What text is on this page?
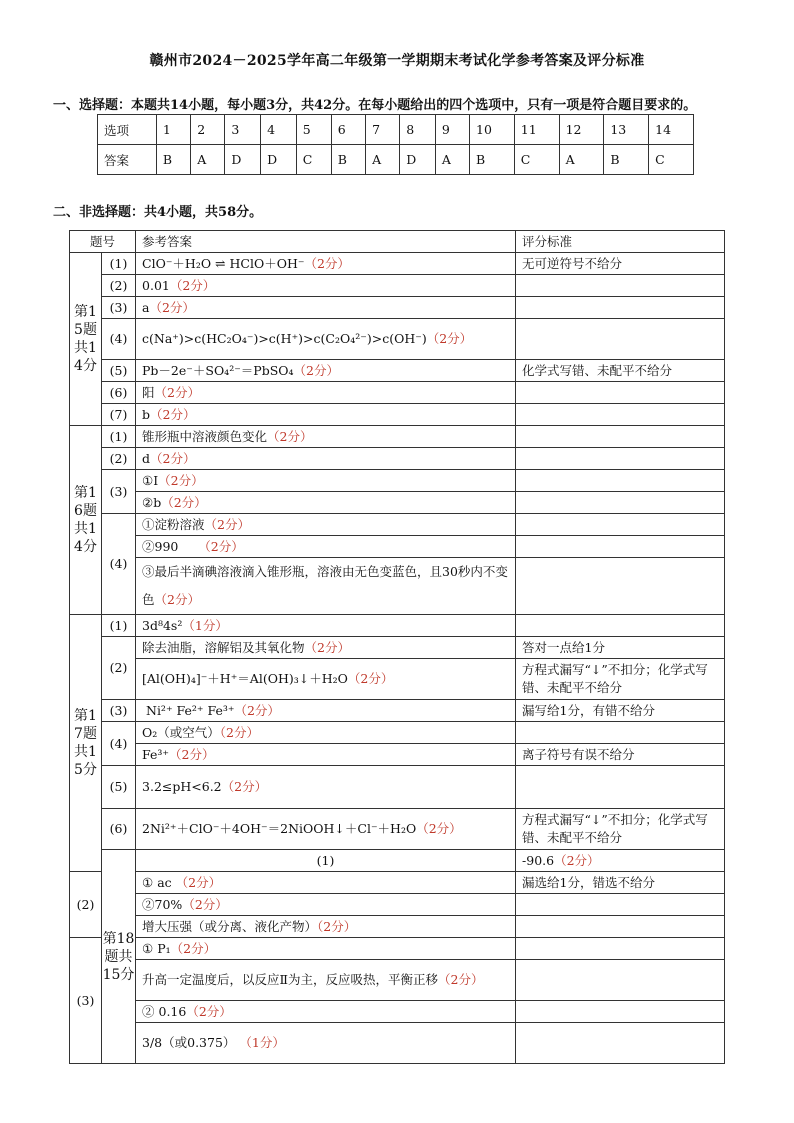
赣州市2024－2025学年高二年级第一学期期末考试化学参考答案及评分标准
一、选择题：本题共14小题，每小题3分，共42分。在每小题给出的四个选项中，只有一项是符合题目要求的。
选项	1	2	3	4	5	6	7	8	9	10	11	12	13	14
答案	B	A	D	D	C	B	A	D	A	B	C	A	B	C
二、非选择题：共4小题，共58分。
题号		参考答案	评分标准	
第15题共14分	(1)	ClO⁻＋H₂O ⇌ HClO＋OH⁻（2分）	无可逆符号不给分	
	(2)	0.01（2分）		
	(3)	a（2分）		
	(4)	c(Na⁺)>c(HC₂O₄⁻)>c(H⁺)>c(C₂O₄²⁻)>c(OH⁻)（2分）		
	(5)	Pb－2e⁻＋SO₄²⁻＝PbSO₄（2分）	化学式写错、未配平不给分	
	(6)	阳（2分）		
	(7)	b（2分）		
第16题共14分	(1)	锥形瓶中溶液颜色变化（2分）		
	(2)	d（2分）		
	(3)	①I（2分）		
		②b（2分）		
	(4)	①淀粉溶液（2分）		
		②990 （2分）		
		③最后半滴碘溶液滴入锥形瓶，溶液由无色变蓝色，且30秒内不变色（2分）		
第17题共15分	(1)	3d⁸4s²（1分）		
	(2)	除去油脂，溶解铝及其氧化物（2分）	答对一点给1分	
		[Al(OH)₄]⁻＋H⁺＝Al(OH)₃↓＋H₂O（2分）	方程式漏写“↓”不扣分；化学式写错、未配平不给分	
	(3)	Ni²⁺ Fe²⁺ Fe³⁺（2分）	漏写给1分，有错不给分	
	(4)	O₂（或空气）（2分）		
		Fe³⁺（2分）	离子符号有误不给分	
	(5)	3.2≤pH<6.2（2分）		
	(6)	2Ni²⁺＋ClO⁻＋4OH⁻＝2NiOOH↓＋Cl⁻＋H₂O（2分）	方程式漏写“↓”不扣分；化学式写错、未配平不给分	
	第18题共15分	(1)	-90.6（2分）	
(2)		① ac （2分）	漏选给1分，错选不给分	
		②70%（2分）		
		增大压强（或分离、液化产物）（2分）		
(3)		① P₁（2分）		
		升高一定温度后，以反应Ⅱ为主，反应吸热，平衡正移（2分）		
		② 0.16（2分）		
		3/8（或0.375） （1分）		
